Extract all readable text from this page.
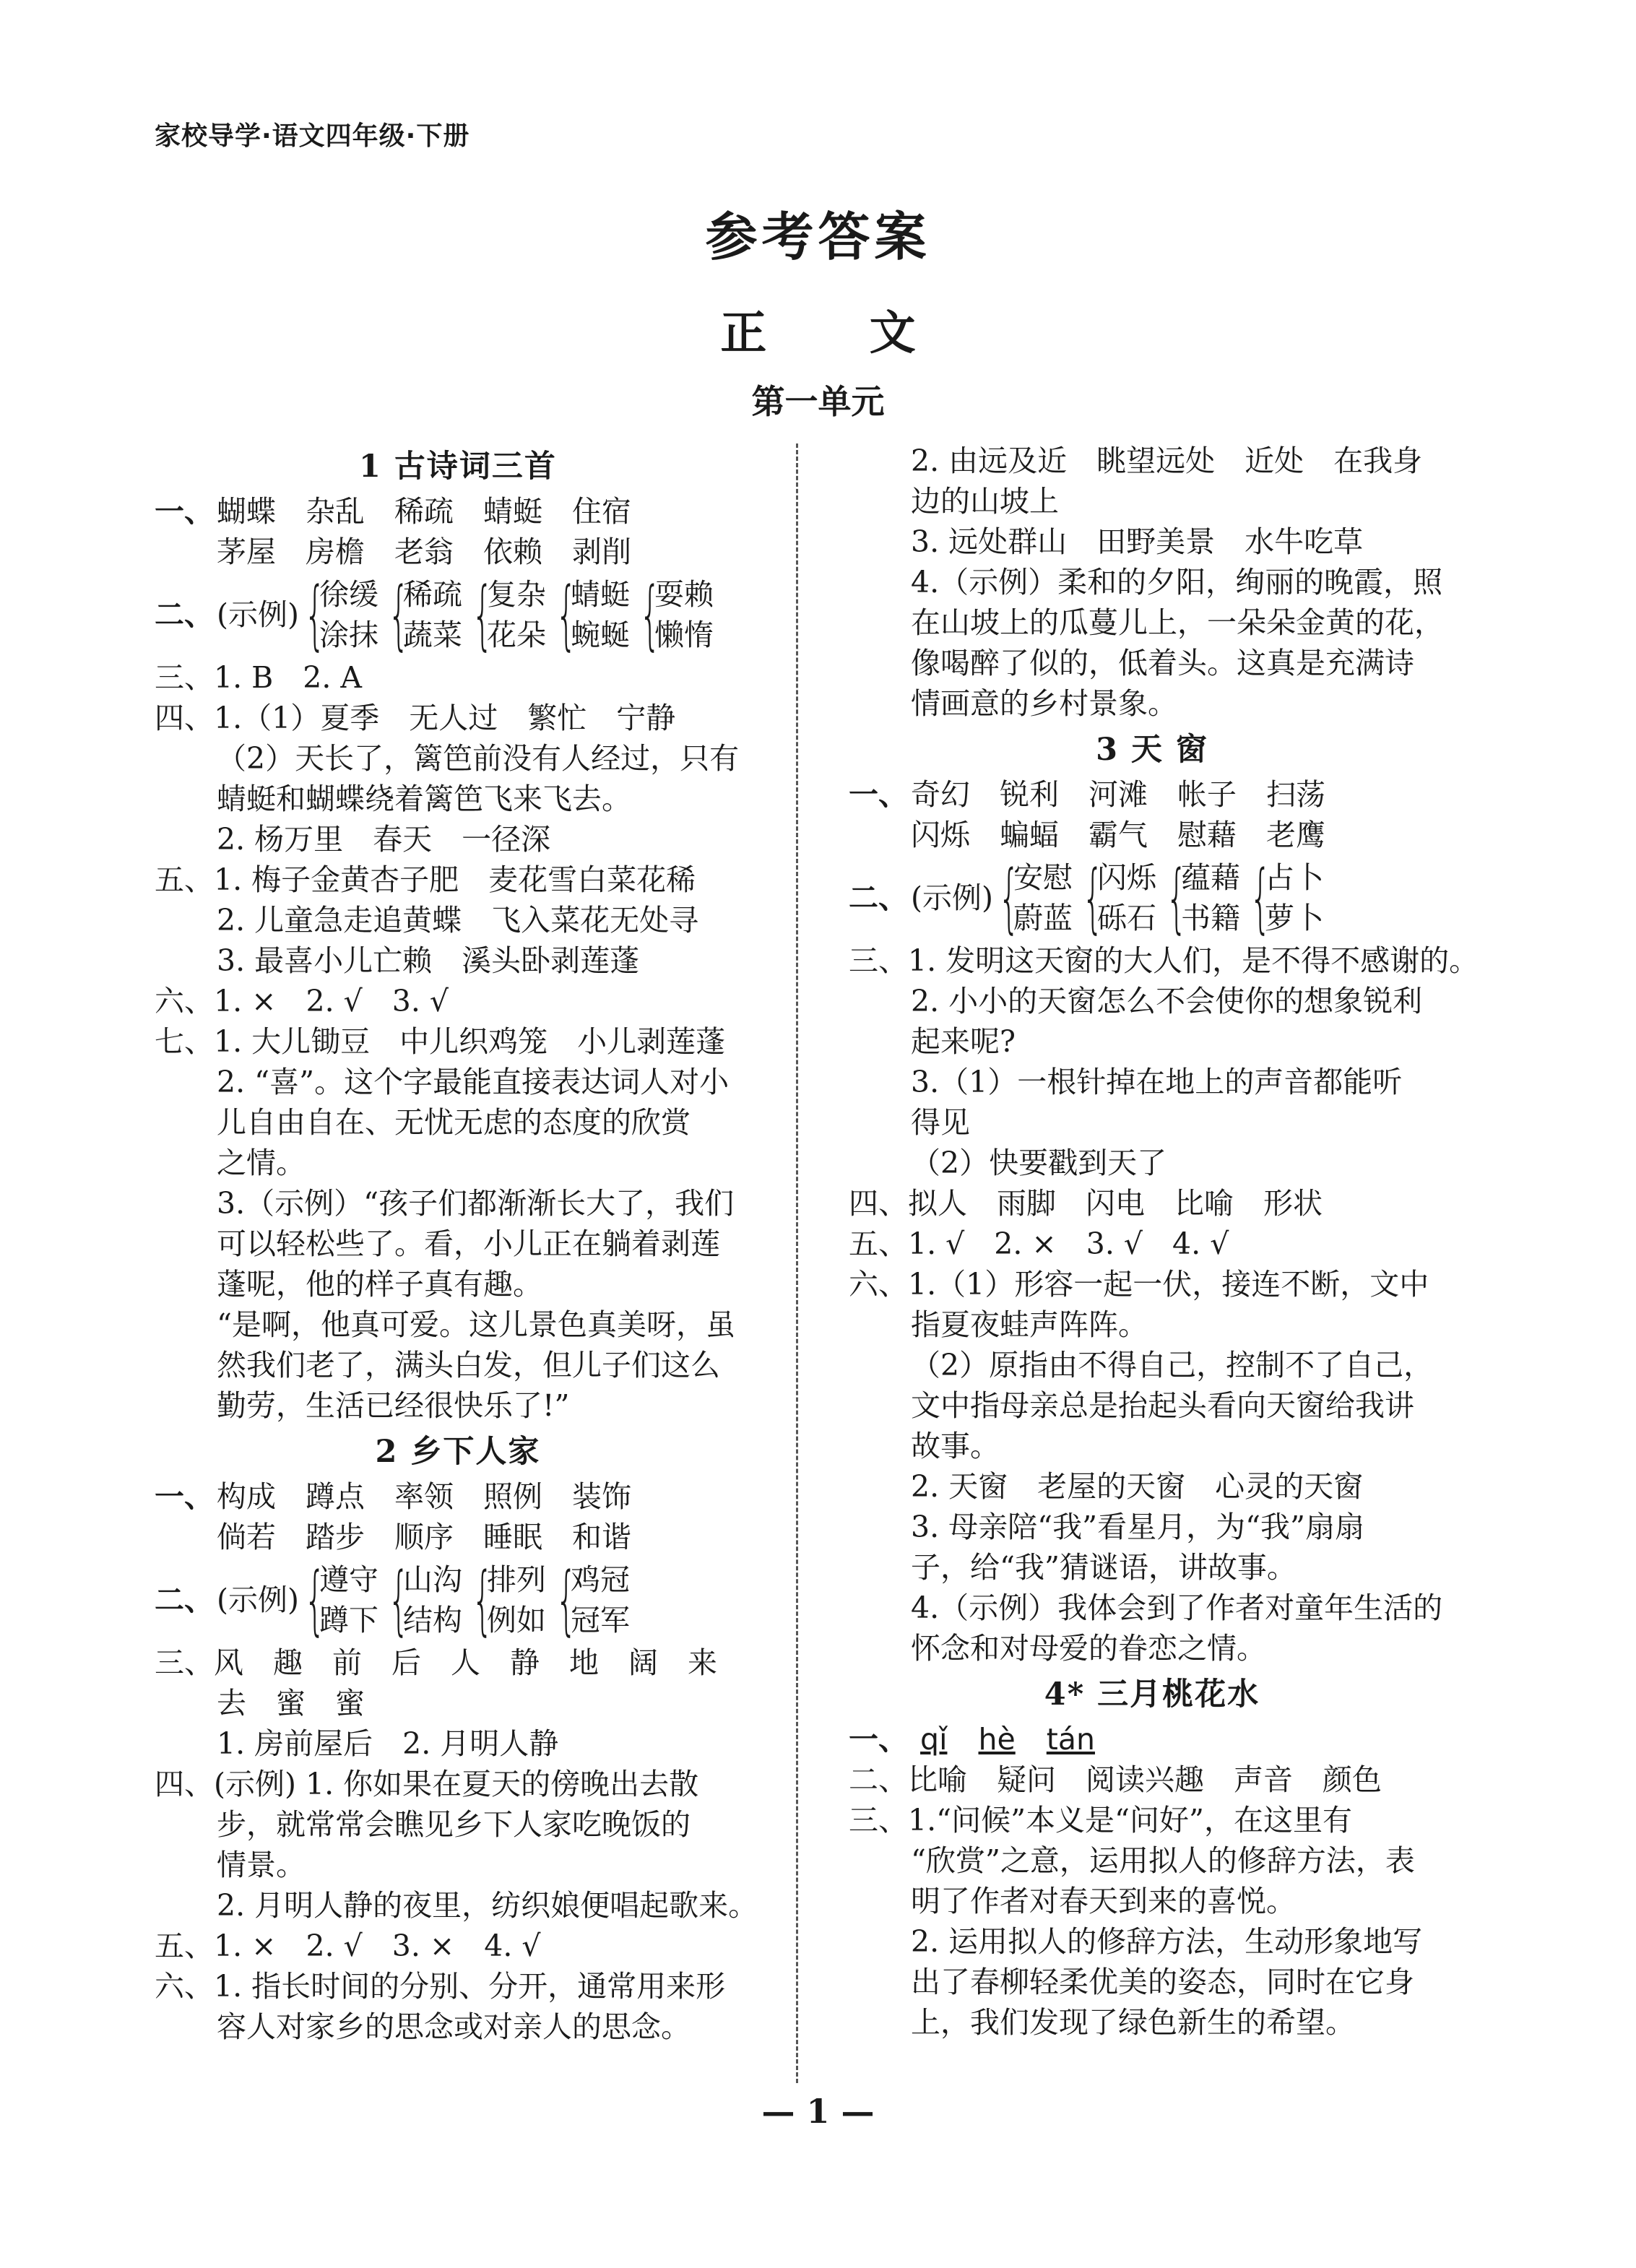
家校导学·语文四年级·下册
参考答案
正 文
第一单元
1 古诗词三首
一、蝴蝶　杂乱　稀疏　蜻蜓　住宿
茅屋　房檐　老翁　依赖　剥削
二、 (示例) {
徐缓
涂抹 {
稀疏
蔬菜 {
复杂
花朵 {
蜻蜓
蜿蜒 {
耍赖
懒惰
三、1. B　2. A
四、1.（1）夏季　无人过　繁忙　宁静
（2）天长了，篱笆前没有人经过，只有
蜻蜓和蝴蝶绕着篱笆飞来飞去。
2. 杨万里　春天　一径深
五、1. 梅子金黄杏子肥　麦花雪白菜花稀
2. 儿童急走追黄蝶　飞入菜花无处寻
3. 最喜小儿亡赖　溪头卧剥莲蓬
六、1. ×　2. √　3. √
七、1. 大儿锄豆　中儿织鸡笼　小儿剥莲蓬
2. “喜”。这个字最能直接表达词人对小
儿自由自在、无忧无虑的态度的欣赏
之情。
3.（示例）“孩子们都渐渐长大了，我们
可以轻松些了。看，小儿正在躺着剥莲
蓬呢，他的样子真有趣。
“是啊，他真可爱。这儿景色真美呀，虽
然我们老了，满头白发，但儿子们这么
勤劳，生活已经很快乐了!”
2 乡下人家
一、构成　蹲点　率领　照例　装饰
倘若　踏步　顺序　睡眠　和谐
二、 (示例) {
遵守
蹲下 {
山沟
结构 {
排列
例如 {
鸡冠
冠军
三、风　趣　前　后　人　静　地　阔　来
去　蜜　蜜
1. 房前屋后　2. 月明人静
四、(示例) 1. 你如果在夏天的傍晚出去散
步，就常常会瞧见乡下人家吃晚饭的
情景。
2. 月明人静的夜里，纺织娘便唱起歌来。
五、1. ×　2. √　3. ×　4. √
六、1. 指长时间的分别、分开，通常用来形
容人对家乡的思念或对亲人的思念。
2. 由远及近　眺望远处　近处　在我身
边的山坡上
3. 远处群山　田野美景　水牛吃草
4.（示例）柔和的夕阳，绚丽的晚霞，照
在山坡上的瓜蔓儿上，一朵朵金黄的花，
像喝醉了似的，低着头。这真是充满诗
情画意的乡村景象。
3 天 窗
一、奇幻　锐利　河滩　帐子　扫荡
闪烁　蝙蝠　霸气　慰藉　老鹰
二、 (示例) {
安慰
蔚蓝 {
闪烁
砾石 {
蕴藉
书籍 {
占卜
萝卜
三、1. 发明这天窗的大人们，是不得不感谢的。
2. 小小的天窗怎么不会使你的想象锐利
起来呢?
3.（1）一根针掉在地上的声音都能听
得见
（2）快要戳到天了
四、拟人　雨脚　闪电　比喻　形状
五、1. √　2. ×　3. √　4. √
六、1.（1）形容一起一伏，接连不断，文中
指夏夜蛙声阵阵。
（2）原指由不得自己，控制不了自己，
文中指母亲总是抬起头看向天窗给我讲
故事。
2. 天窗　老屋的天窗　心灵的天窗
3. 母亲陪“我”看星月，为“我”扇扇
子，给“我”猜谜语，讲故事。
4.（示例）我体会到了作者对童年生活的
怀念和对母爱的眷恋之情。
4* 三月桃花水
一、 qǐ hè tán
二、比喻　疑问　阅读兴趣　声音　颜色
三、1.“问候”本义是“问好”，在这里有
“欣赏”之意，运用拟人的修辞方法，表
明了作者对春天到来的喜悦。
2. 运用拟人的修辞方法，生动形象地写
出了春柳轻柔优美的姿态，同时在它身
上，我们发现了绿色新生的希望。
— 1 —
